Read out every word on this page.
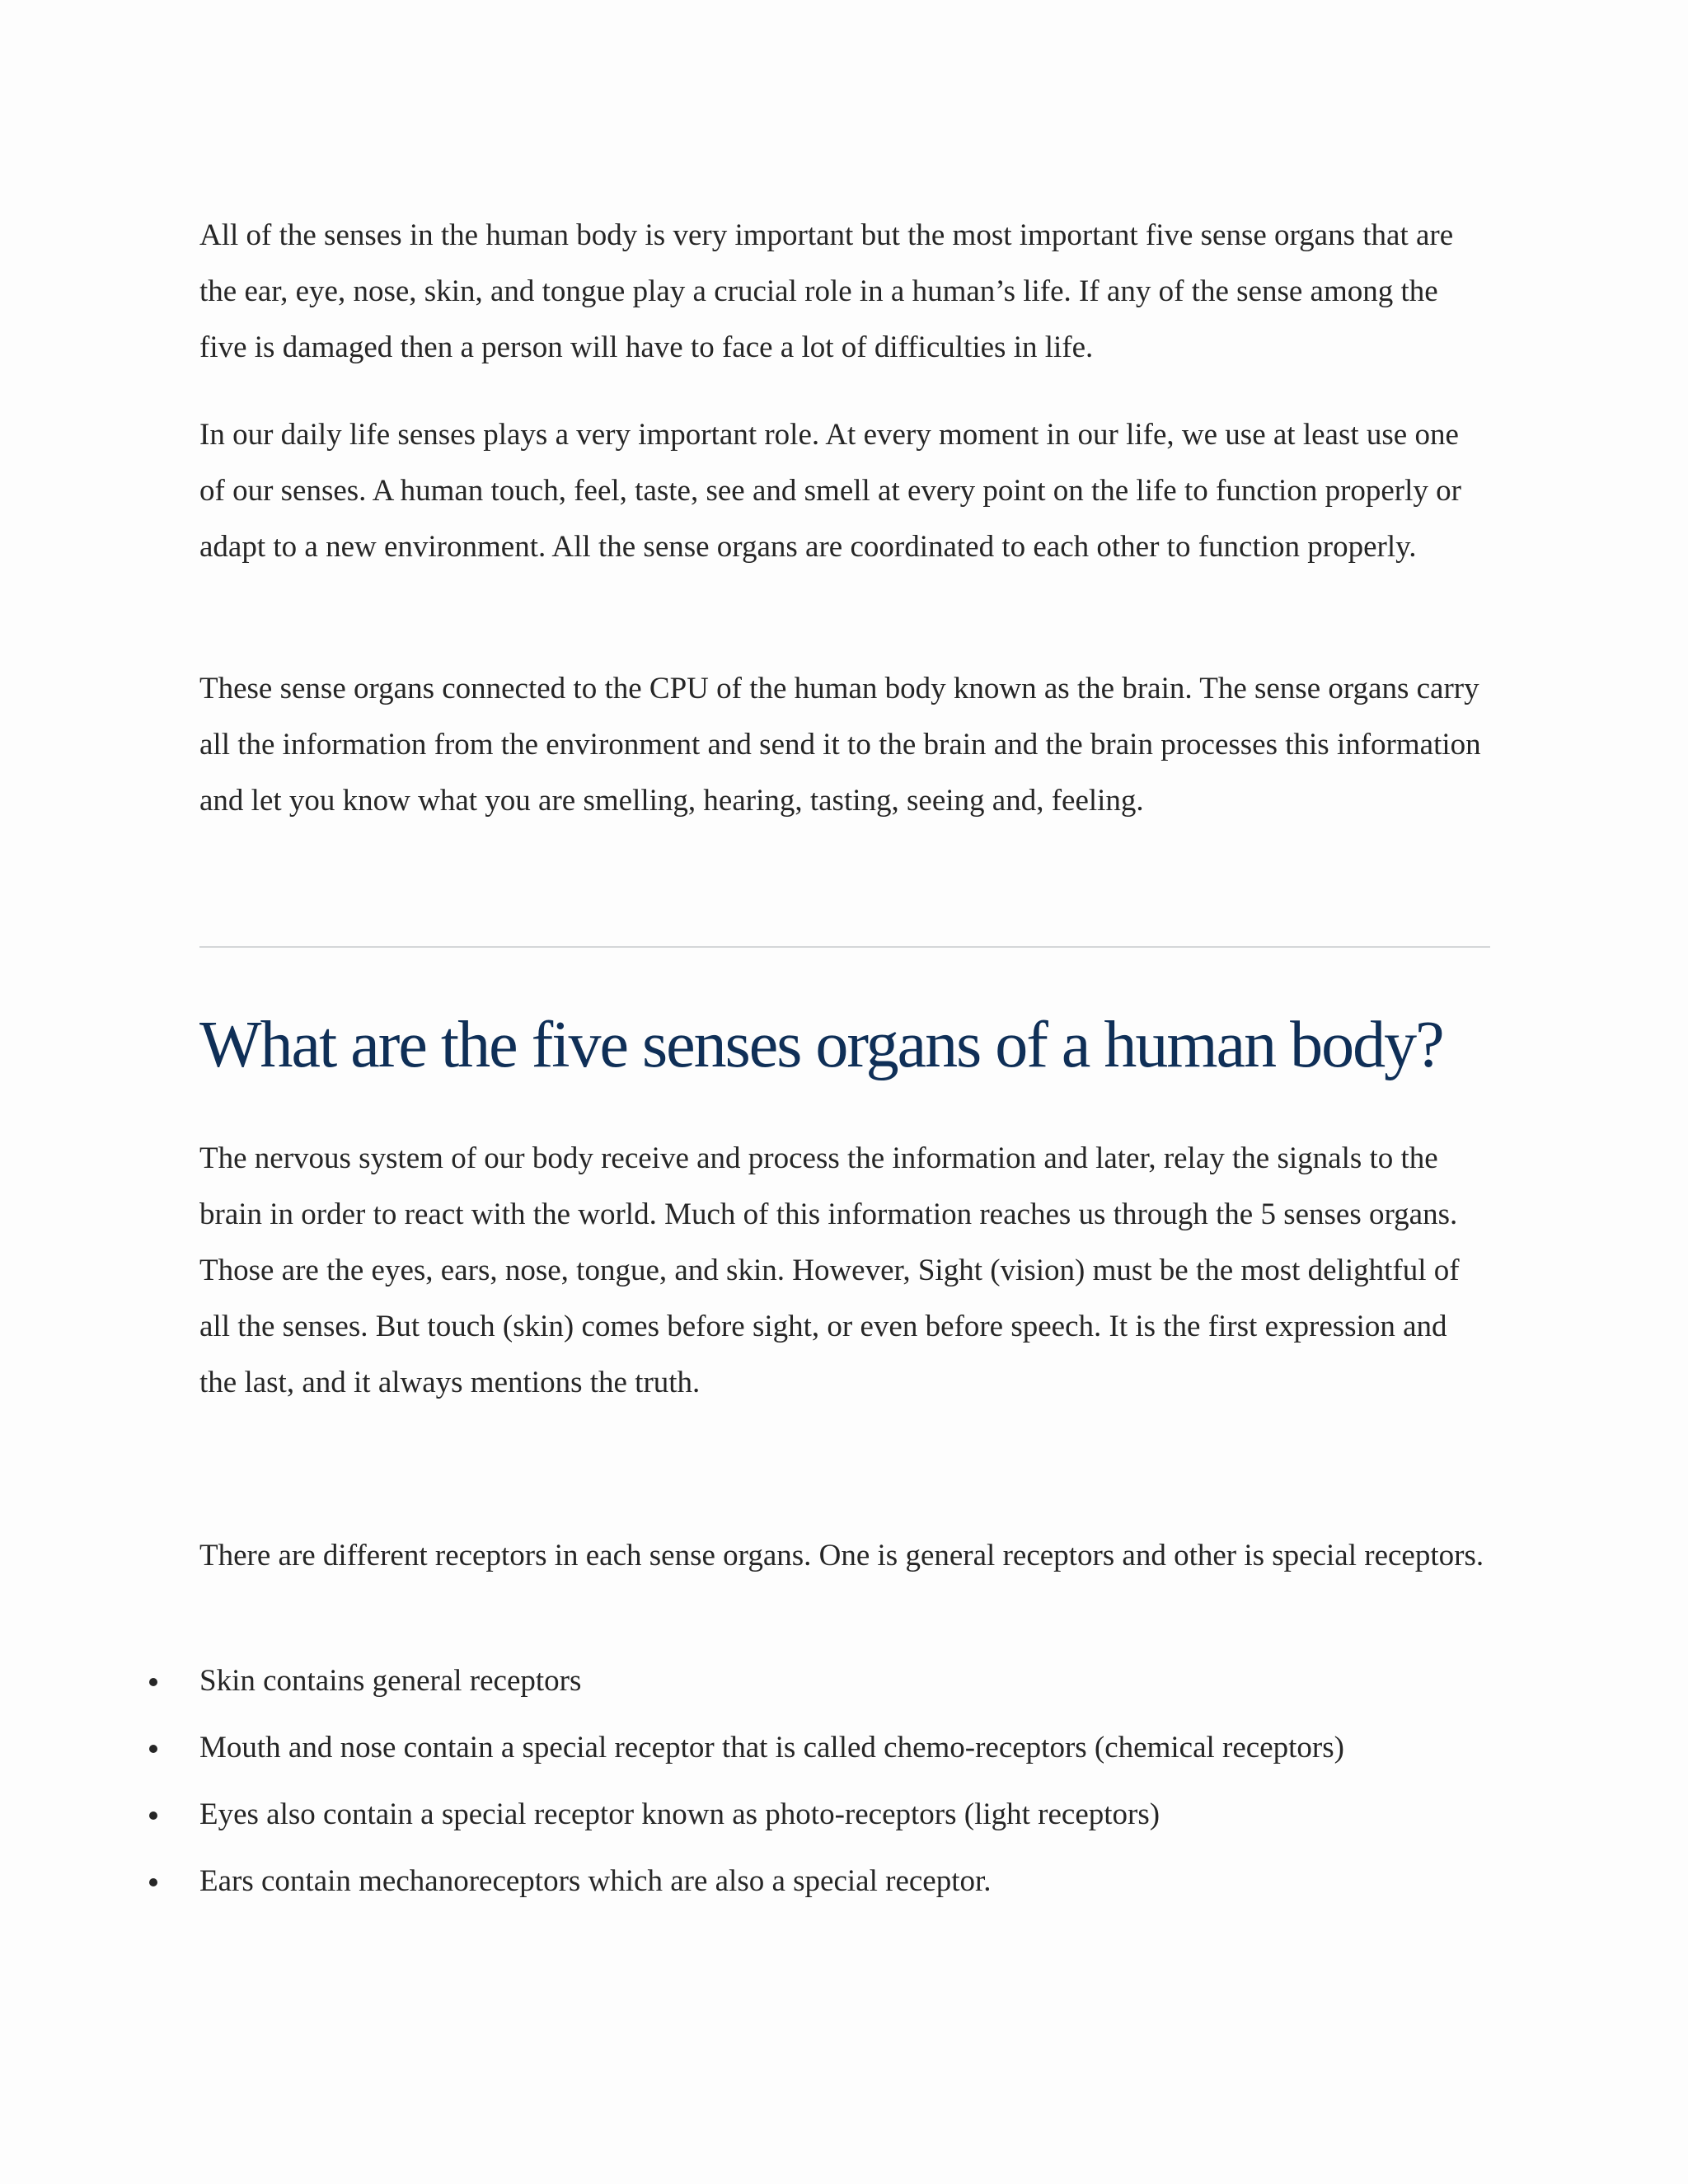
All of the senses in the human body is very important but the most important five sense organs that are the ear, eye, nose, skin, and tongue play a crucial role in a human’s life. If any of the sense among the five is damaged then a person will have to face a lot of difficulties in life.

In our daily life senses plays a very important role. At every moment in our life, we use at least use one of our senses. A human touch, feel, taste, see and smell at every point on the life to function properly or adapt to a new environment. All the sense organs are coordinated to each other to function properly.

These sense organs connected to the CPU of the human body known as the brain. The sense organs carry all the information from the environment and send it to the brain and the brain processes this information and let you know what you are smelling, hearing, tasting, seeing and, feeling.

What are the five senses organs of a human body?

The nervous system of our body receive and process the information and later, relay the signals to the brain in order to react with the world. Much of this information reaches us through the 5 senses organs. Those are the eyes, ears, nose, tongue, and skin. However, Sight (vision) must be the most delightful of all the senses. But touch (skin) comes before sight, or even before speech. It is the first expression and the last, and it always mentions the truth.

There are different receptors in each sense organs. One is general receptors and other is special receptors.

Skin contains general receptors
Mouth and nose contain a special receptor that is called chemo-receptors (chemical receptors)
Eyes also contain a special receptor known as photo-receptors (light receptors)
Ears contain mechanoreceptors which are also a special receptor.
